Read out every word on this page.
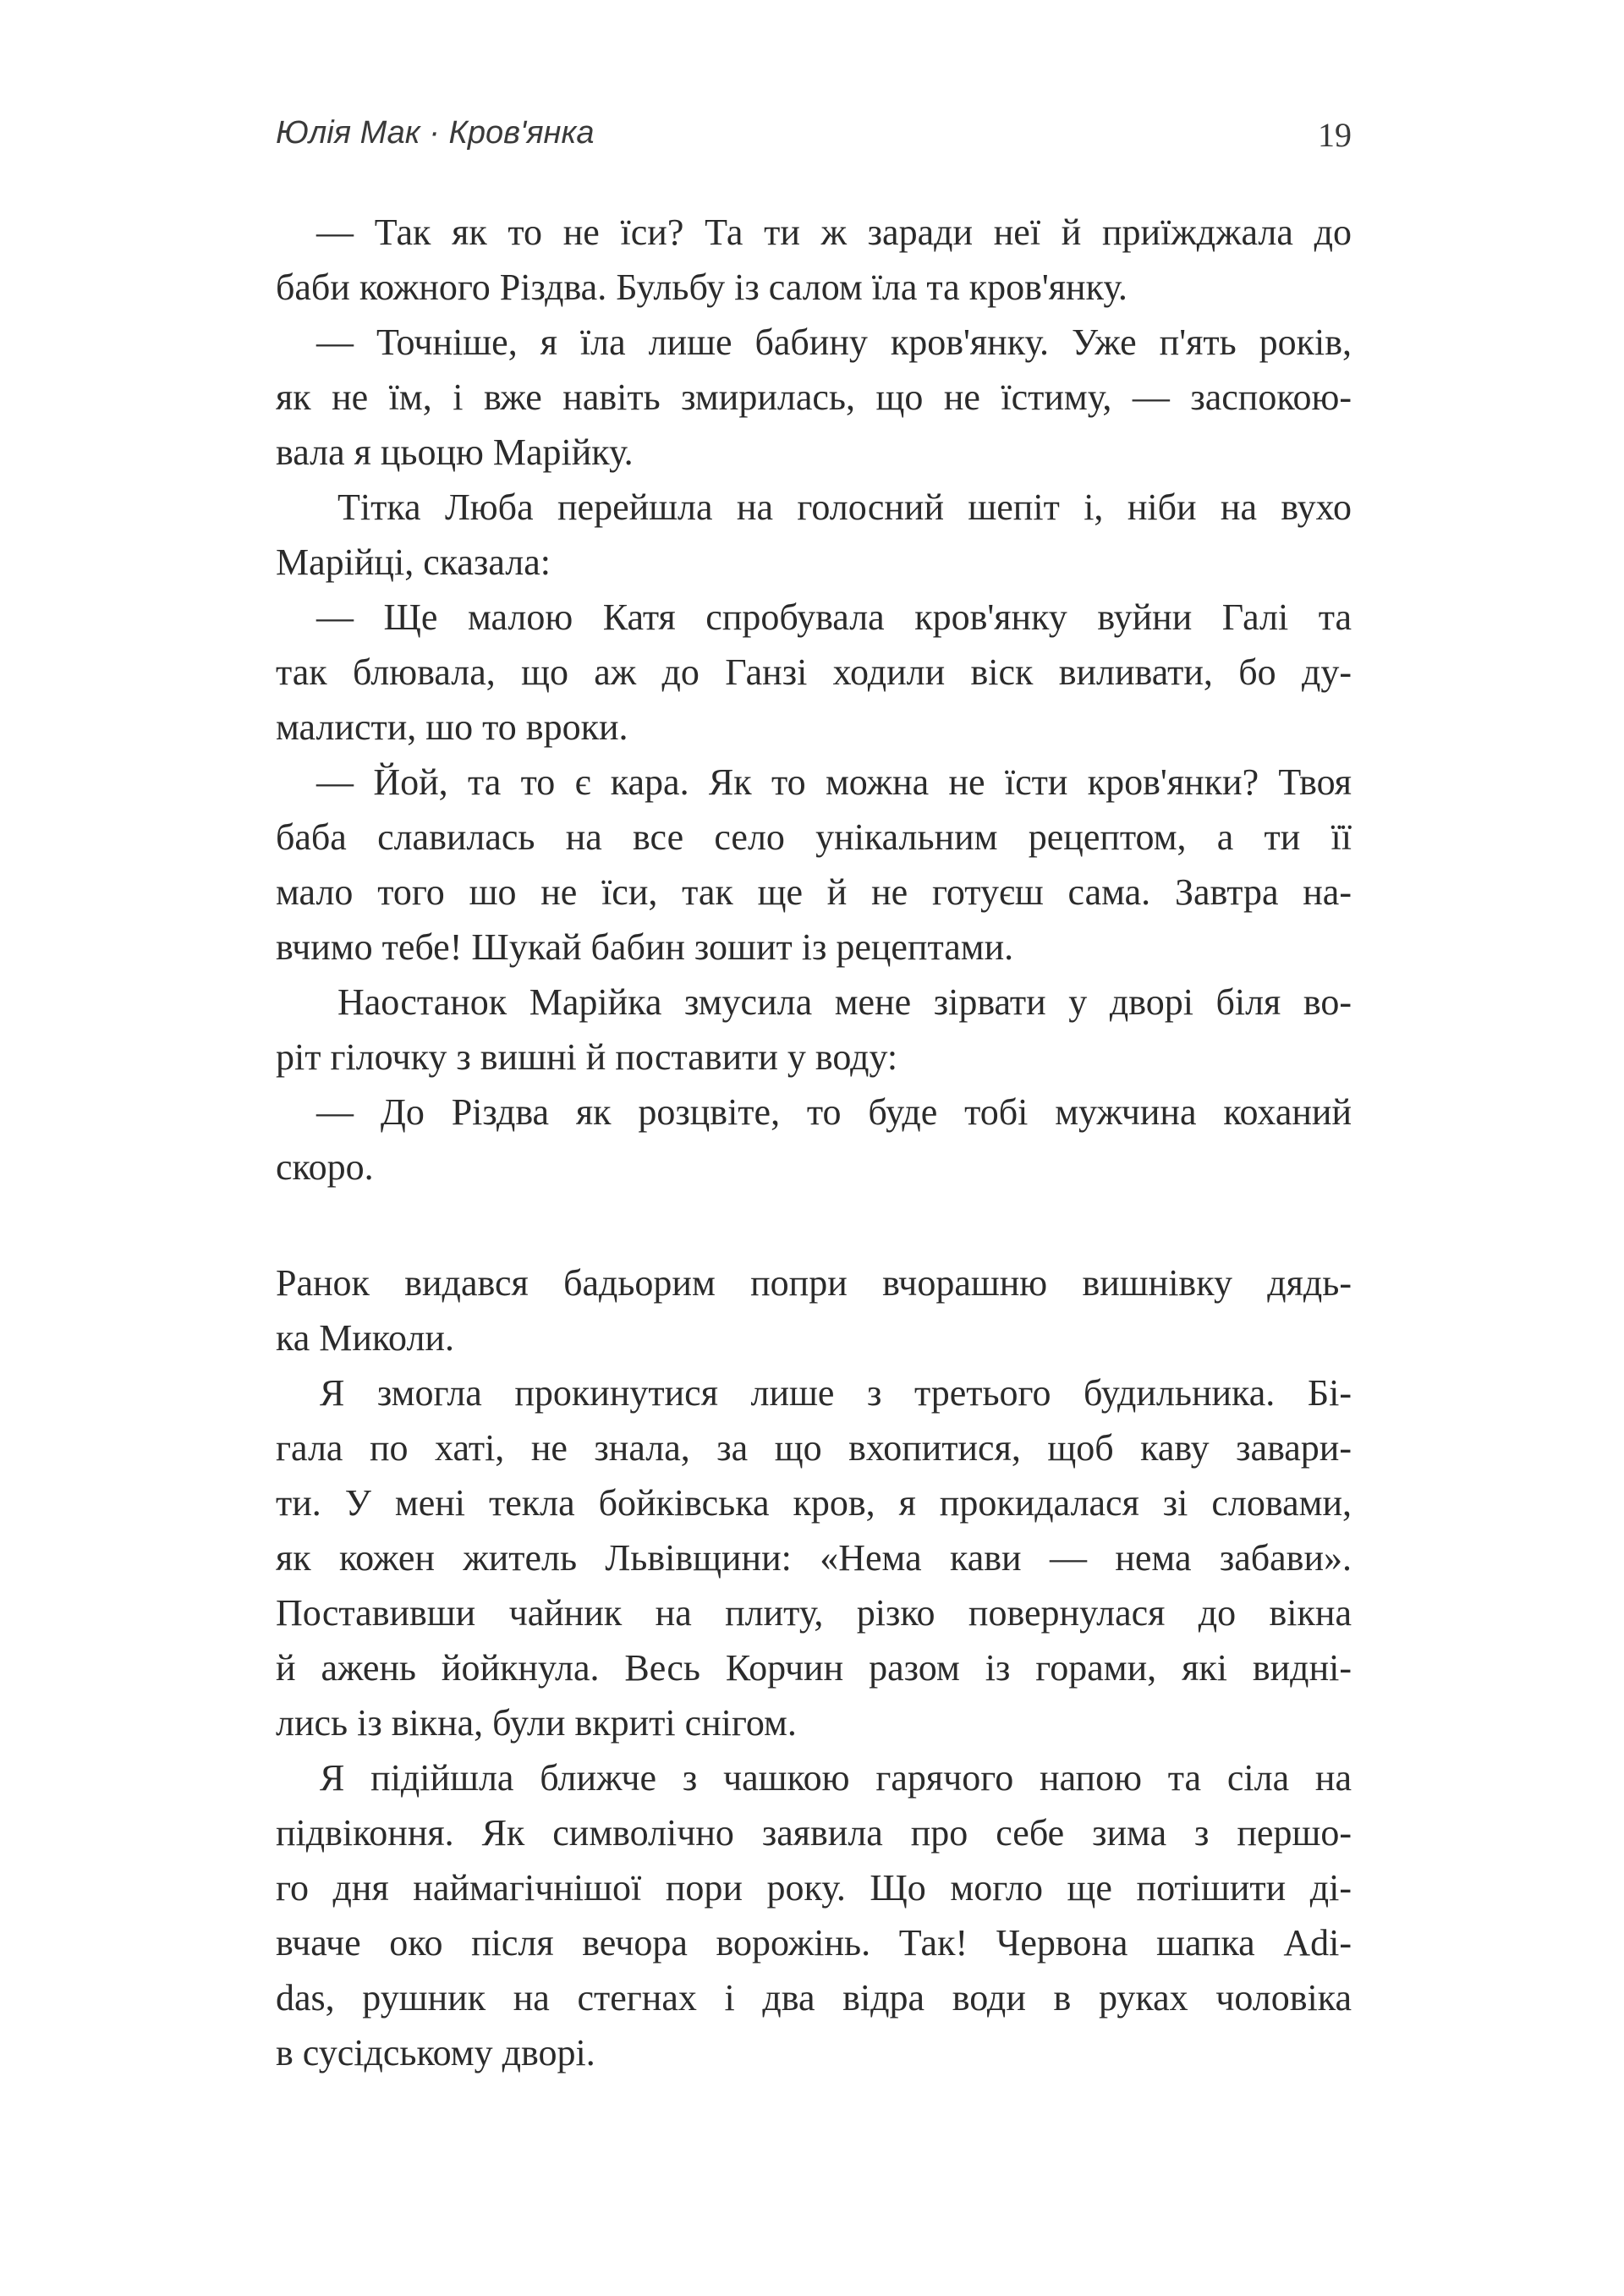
Юлія Мак · Кров'янка	19
— Так як то не їси? Та ти ж заради неї й приїжджала до
баби кожного Різдва. Бульбу із салом їла та кров'янку.
— Точніше, я їла лише бабину кров'янку. Уже п'ять років,
як не їм, і вже навіть змирилась, що не їстиму, — заспокою-
вала я цьоцю Марійку.
Тітка Люба перейшла на голосний шепіт і, ніби на вухо
Марійці, сказала:
— Ще малою Катя спробувала кров'янку вуйни Галі та
так блювала, що аж до Ганзі ходили віск виливати, бо ду-
малисти, шо то вроки.
— Йой, та то є кара. Як то можна не їсти кров'янки? Твоя
баба славилась на все село унікальним рецептом, а ти її
мало того шо не їси, так ще й не готуєш сама. Завтра на-
вчимо тебе! Шукай бабин зошит із рецептами.
Наостанок Марійка змусила мене зірвати у дворі біля во-
ріт гілочку з вишні й поставити у воду:
— До Різдва як розцвіте, то буде тобі мужчина коханий
скоро.
Ранок видався бадьорим попри вчорашню вишнівку дядь-
ка Миколи.
Я змогла прокинутися лише з третього будильника. Бі-
гала по хаті, не знала, за що вхопитися, щоб каву завари-
ти. У мені текла бойківська кров, я прокидалася зі словами,
як кожен житель Львівщини: «Нема кави — нема забави».
Поставивши чайник на плиту, різко повернулася до вікна
й ажень йойкнула. Весь Корчин разом із горами, які видні-
лись із вікна, були вкриті снігом.
Я підійшла ближче з чашкою гарячого напою та сіла на
підвіконня. Як символічно заявила про себе зима з першо-
го дня наймагічнішої пори року. Що могло ще потішити ді-
вчаче око після вечора ворожінь. Так! Червона шапка Adi-
das, рушник на стегнах і два відра води в руках чоловіка
в сусідському дворі.
